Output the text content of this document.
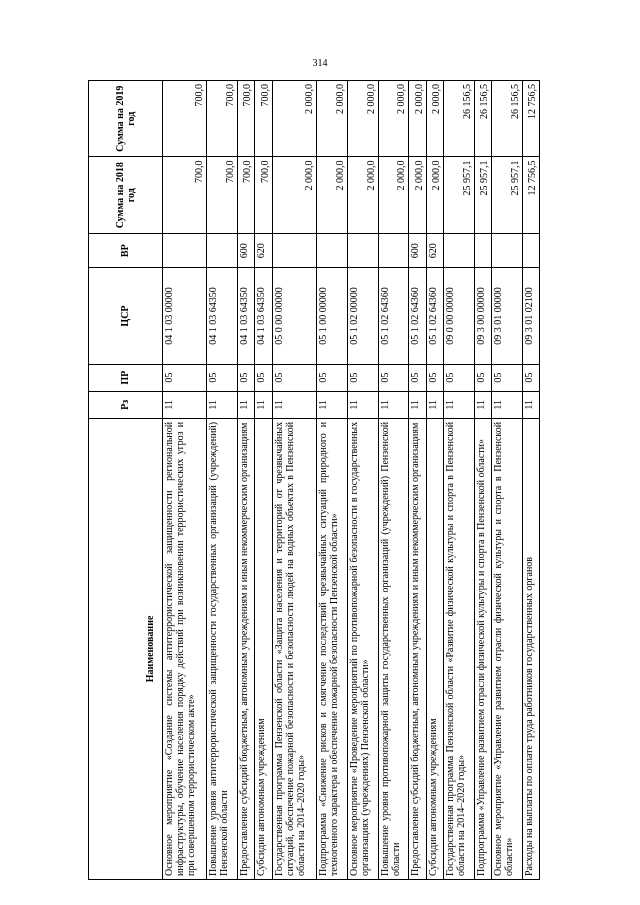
314
Наименование	Рз	ПР	ЦСР	ВР	Сумма на 2018 год	Сумма на 2019 год
Основное мероприятие «Создание системы антитеррористической защищенности региональной инфраструктуры, обучение населения порядку действий при возникновении террористических угроз и при совершенном террористическом акте»	11	05	04 1 03 00000		700,0	700,0
Повышение уровня антитеррористической защищенности государственных организаций (учреждений) Пензенской области	11	05	04 1 03 64350		700,0	700,0
Предоставление субсидий бюджетным, автономным учреждениям и иным некоммерческим организациям	11	05	04 1 03 64350	600	700,0	700,0
Субсидии автономным учреждениям	11	05	04 1 03 64350	620	700,0	700,0
Государственная программа Пензенской области «Защита населения и территорий от чрезвычайных ситуаций, обеспечение пожарной безопасности и безопасности людей на водных объектах в Пензенской области на 2014–2020 годы»	11	05	05 0 00 00000		2 000,0	2 000,0
Подпрограмма «Снижение рисков и смягчение последствий чрезвычайных ситуаций природного и техногенного характера и обеспечение пожарной безопасности Пензенской области»	11	05	05 1 00 00000		2 000,0	2 000,0
Основное мероприятие «Проведение мероприятий по противопожарной безопасности в государственных организациях (учреждениях) Пензенской области»	11	05	05 1 02 00000		2 000,0	2 000,0
Повышение уровня противопожарной защиты государственных организаций (учреждений) Пензенской области	11	05	05 1 02 64360		2 000,0	2 000,0
Предоставление субсидий бюджетным, автономным учреждениям и иным некоммерческим организациям	11	05	05 1 02 64360	600	2 000,0	2 000,0
Субсидии автономным учреждениям	11	05	05 1 02 64360	620	2 000,0	2 000,0
Государственная программа Пензенской области «Развитие физической культуры и спорта в Пензенской области на 2014–2020 годы»	11	05	09 0 00 00000		25 957,1	26 156,5
Подпрограмма «Управление развитием отрасли физической культуры и спорта в Пензенской области»	11	05	09 3 00 00000		25 957,1	26 156,5
Основное мероприятие «Управление развитием отрасли физической культуры и спорта в Пензенской области»	11	05	09 3 01 00000		25 957,1	26 156,5
Расходы на выплаты по оплате труда работников государственных органов	11	05	09 3 01 02100		12 756,5	12 756,5
